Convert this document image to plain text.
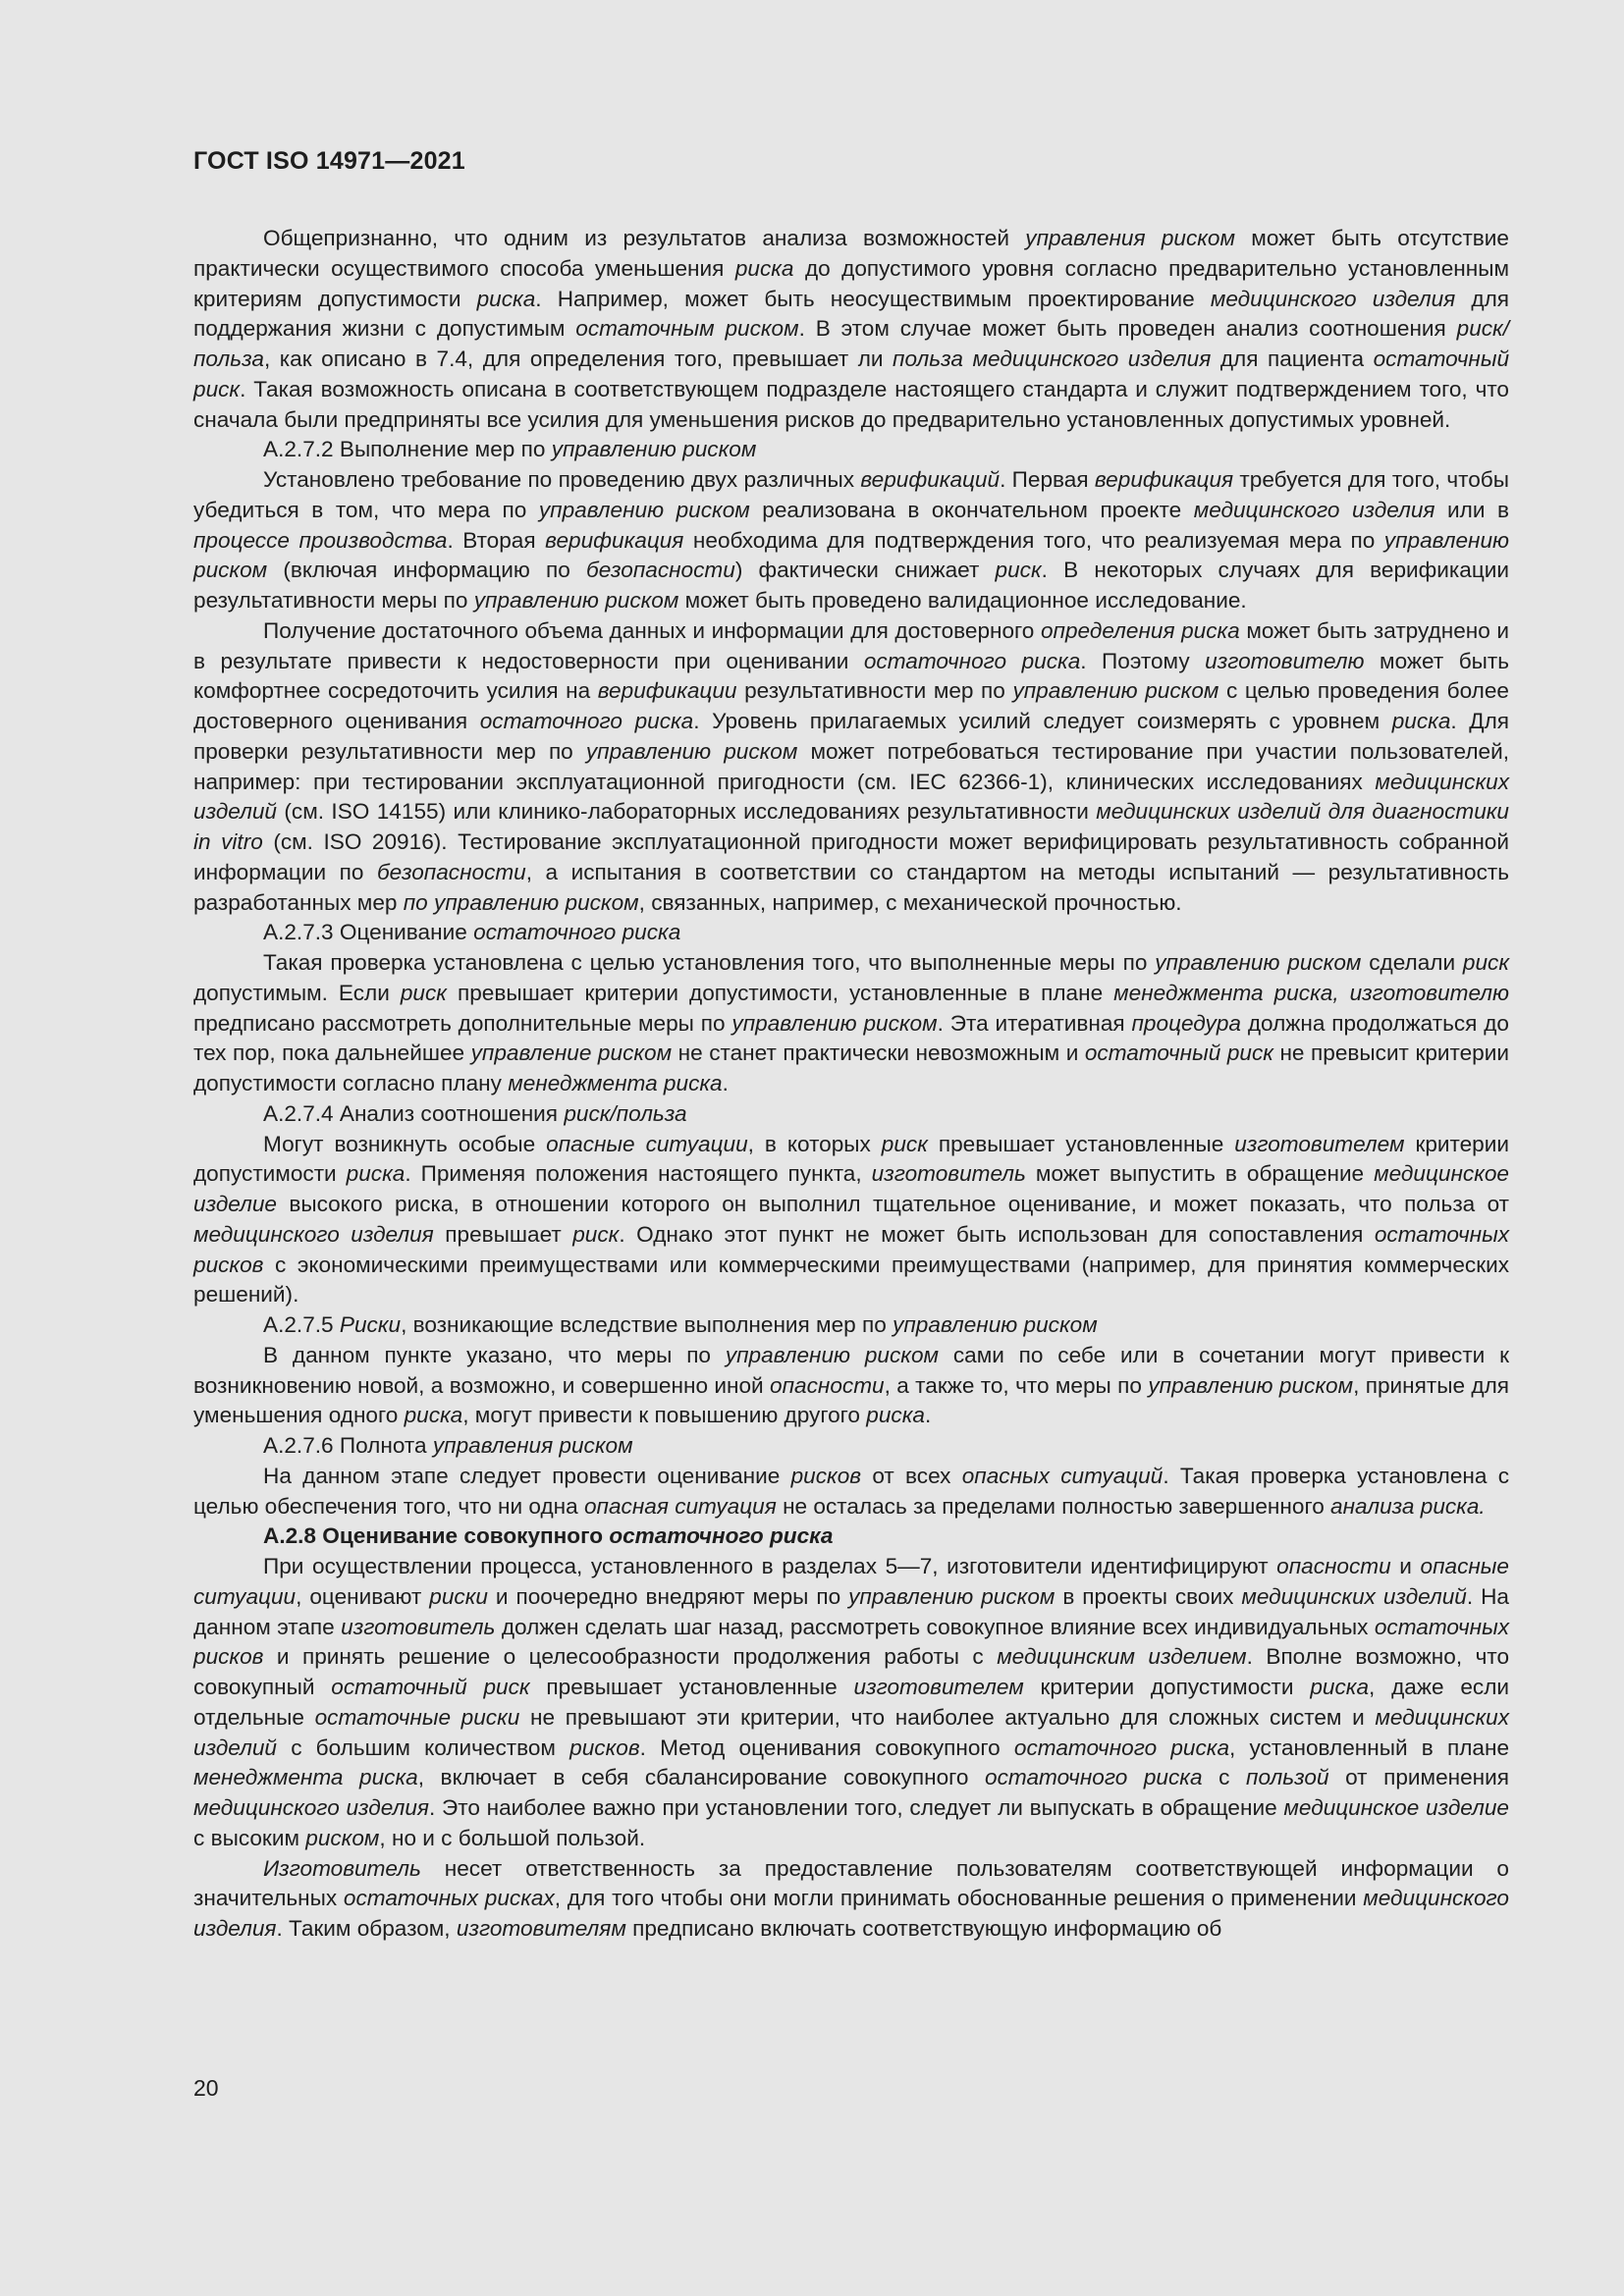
ГОСТ ISO 14971—2021

Общепризнанно, что одним из результатов анализа возможностей управления риском может быть отсутствие практически осуществимого способа уменьшения риска до допустимого уровня согласно предварительно установленным критериям допустимости риска. Например, может быть неосуществимым проектирование медицинского изделия для поддержания жизни с допустимым остаточным риском. В этом случае может быть проведен анализ соотношения риск/польза, как описано в 7.4, для определения того, превышает ли польза медицинского изделия для пациента остаточный риск. Такая возможность описана в соответствующем подразделе настоящего стандарта и служит подтверждением того, что сначала были предприняты все усилия для уменьшения рисков до предварительно установленных допустимых уровней.

А.2.7.2 Выполнение мер по управлению риском

Установлено требование по проведению двух различных верификаций. Первая верификация требуется для того, чтобы убедиться в том, что мера по управлению риском реализована в окончательном проекте медицинского изделия или в процессе производства. Вторая верификация необходима для подтверждения того, что реализуемая мера по управлению риском (включая информацию по безопасности) фактически снижает риск. В некоторых случаях для верификации результативности меры по управлению риском может быть проведено валидационное исследование.

Получение достаточного объема данных и информации для достоверного определения риска может быть затруднено и в результате привести к недостоверности при оценивании остаточного риска. Поэтому изготовителю может быть комфортнее сосредоточить усилия на верификации результативности мер по управлению риском с целью проведения более достоверного оценивания остаточного риска. Уровень прилагаемых усилий следует соизмерять с уровнем риска. Для проверки результативности мер по управлению риском может потребоваться тестирование при участии пользователей, например: при тестировании эксплуатационной пригодности (см. IEC 62366-1), клинических исследованиях медицинских изделий (см. ISO 14155) или клинико-лабораторных исследованиях результативности медицинских изделий для диагностики in vitro (см. ISO 20916). Тестирование эксплуатационной пригодности может верифицировать результативность собранной информации по безопасности, а испытания в соответствии со стандартом на методы испытаний — результативность разработанных мер по управлению риском, связанных, например, с механической прочностью.

А.2.7.3 Оценивание остаточного риска

Такая проверка установлена с целью установления того, что выполненные меры по управлению риском сделали риск допустимым. Если риск превышает критерии допустимости, установленные в плане менеджмента риска, изготовителю предписано рассмотреть дополнительные меры по управлению риском. Эта итеративная процедура должна продолжаться до тех пор, пока дальнейшее управление риском не станет практически невозможным и остаточный риск не превысит критерии допустимости согласно плану менеджмента риска.

А.2.7.4 Анализ соотношения риск/польза

Могут возникнуть особые опасные ситуации, в которых риск превышает установленные изготовителем критерии допустимости риска. Применяя положения настоящего пункта, изготовитель может выпустить в обращение медицинское изделие высокого риска, в отношении которого он выполнил тщательное оценивание, и может показать, что польза от медицинского изделия превышает риск. Однако этот пункт не может быть использован для сопоставления остаточных рисков с экономическими преимуществами или коммерческими преимуществами (например, для принятия коммерческих решений).

А.2.7.5 Риски, возникающие вследствие выполнения мер по управлению риском

В данном пункте указано, что меры по управлению риском сами по себе или в сочетании могут привести к возникновению новой, а возможно, и совершенно иной опасности, а также то, что меры по управлению риском, принятые для уменьшения одного риска, могут привести к повышению другого риска.

А.2.7.6 Полнота управления риском

На данном этапе следует провести оценивание рисков от всех опасных ситуаций. Такая проверка установлена с целью обеспечения того, что ни одна опасная ситуация не осталась за пределами полностью завершенного анализа риска.

А.2.8 Оценивание совокупного остаточного риска

При осуществлении процесса, установленного в разделах 5—7, изготовители идентифицируют опасности и опасные ситуации, оценивают риски и поочередно внедряют меры по управлению риском в проекты своих медицинских изделий. На данном этапе изготовитель должен сделать шаг назад, рассмотреть совокупное влияние всех индивидуальных остаточных рисков и принять решение о целесообразности продолжения работы с медицинским изделием. Вполне возможно, что совокупный остаточный риск превышает установленные изготовителем критерии допустимости риска, даже если отдельные остаточные риски не превышают эти критерии, что наиболее актуально для сложных систем и медицинских изделий с большим количеством рисков. Метод оценивания совокупного остаточного риска, установленный в плане менеджмента риска, включает в себя сбалансирование совокупного остаточного риска с пользой от применения медицинского изделия. Это наиболее важно при установлении того, следует ли выпускать в обращение медицинское изделие с высоким риском, но и с большой пользой.

Изготовитель несет ответственность за предоставление пользователям соответствующей информации о значительных остаточных рисках, для того чтобы они могли принимать обоснованные решения о применении медицинского изделия. Таким образом, изготовителям предписано включать соответствующую информацию об

20
